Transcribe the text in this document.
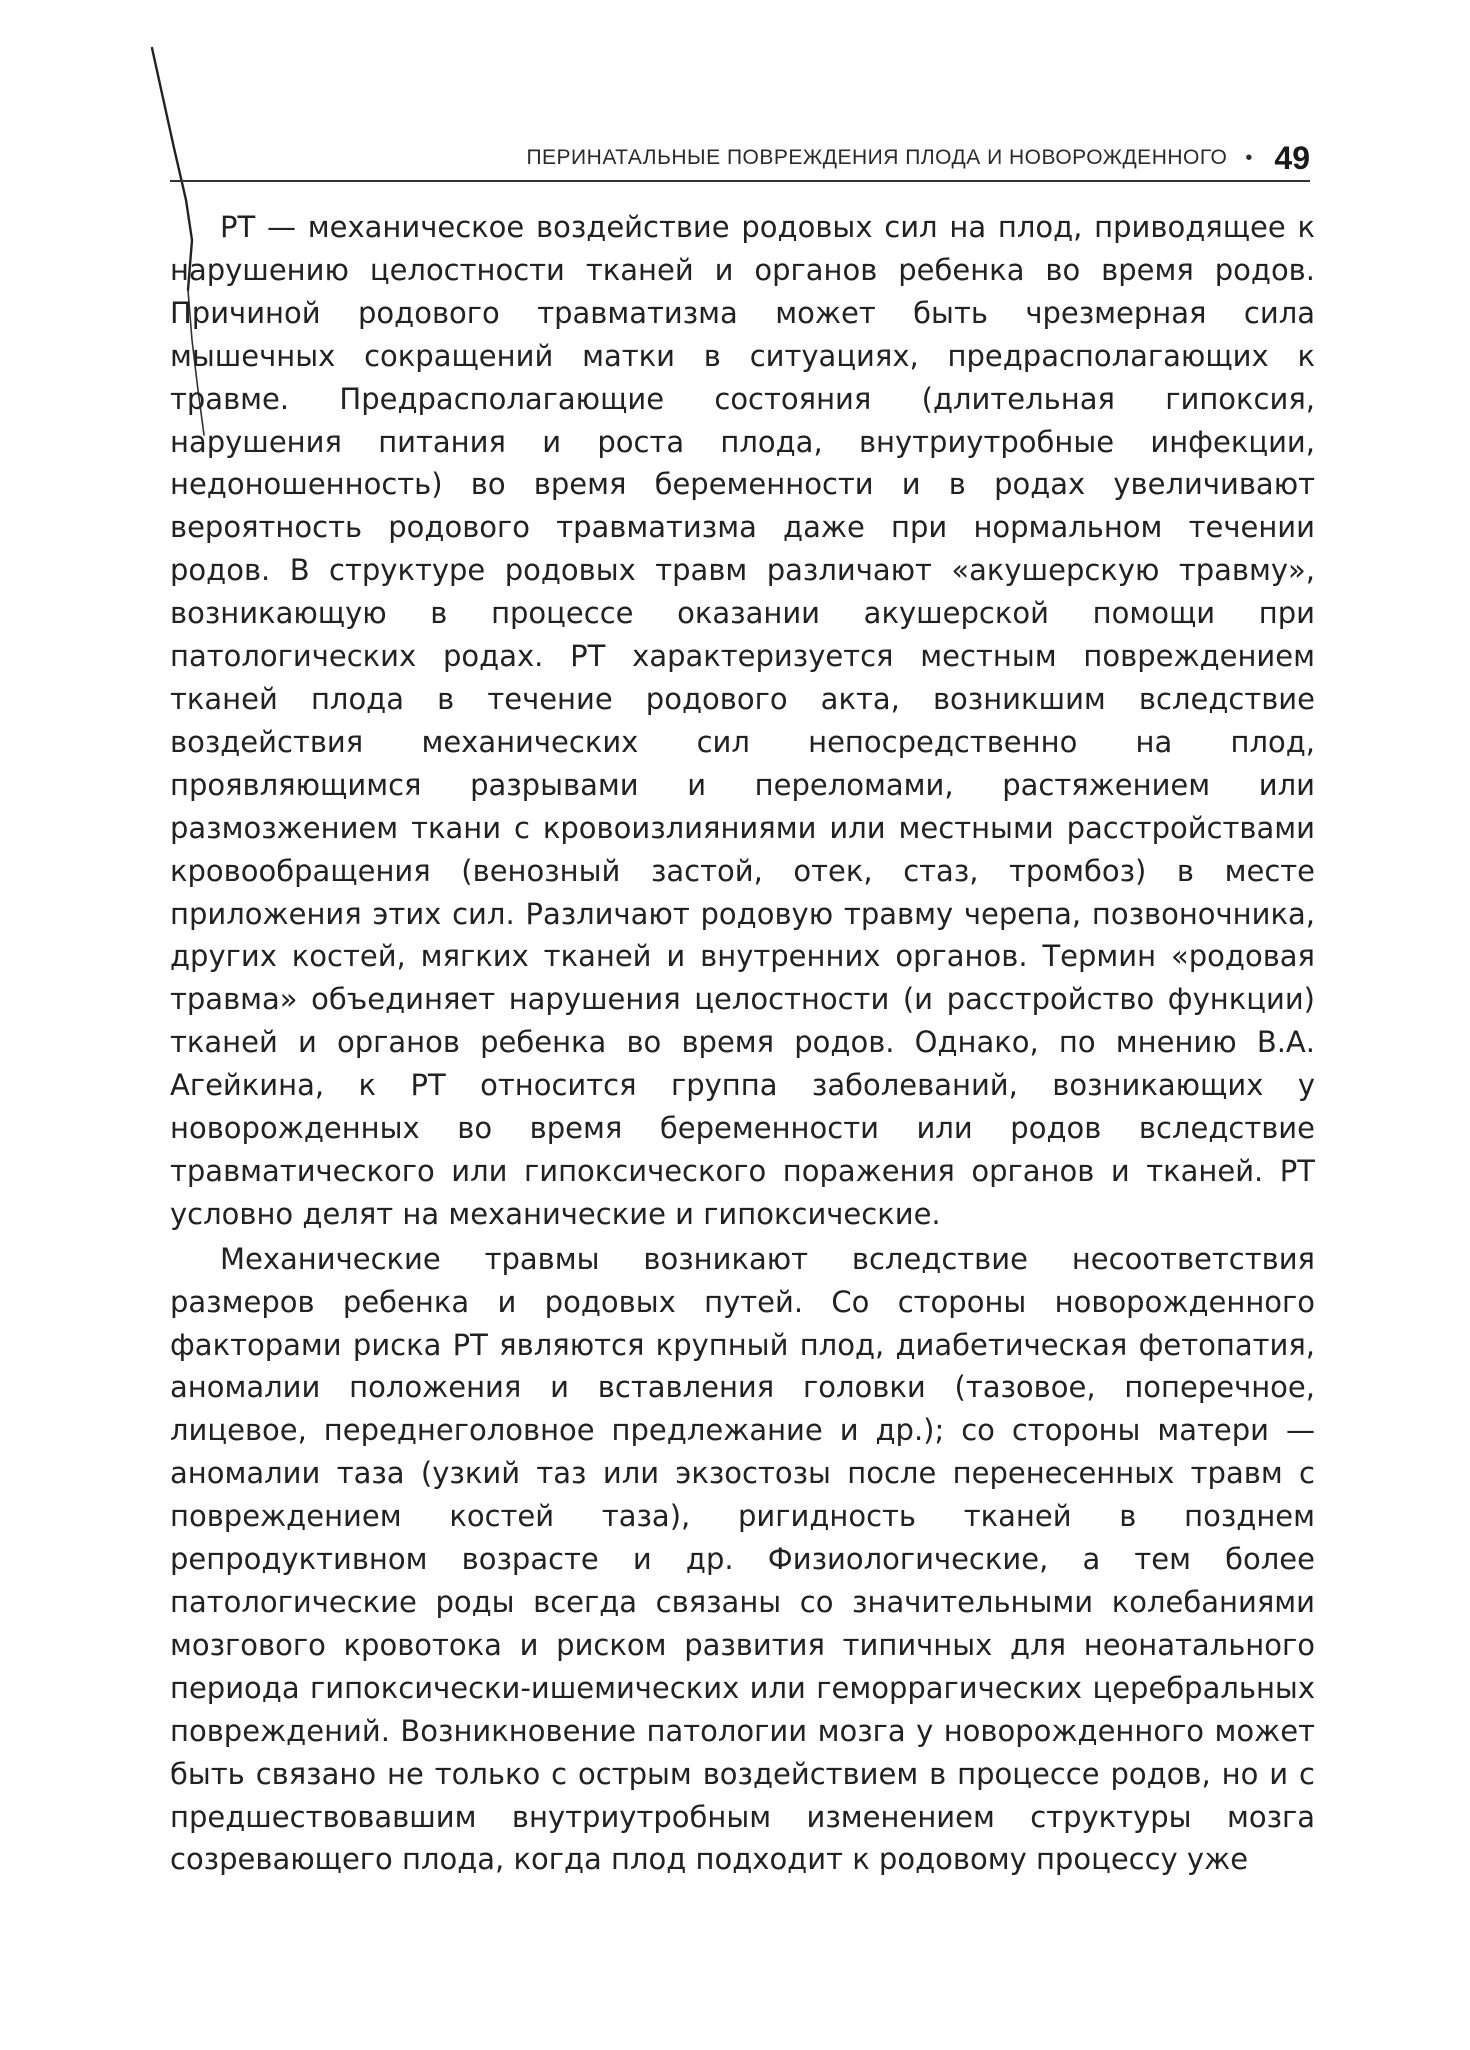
ПЕРИНАТАЛЬНЫЕ ПОВРЕЖДЕНИЯ ПЛОДА И НОВОРОЖДЕННОГО • 49

РТ — механическое воздействие родовых сил на плод, приводящее к нарушению целостности тканей и органов ребенка во время родов. Причиной родового травматизма может быть чрезмерная сила мышечных сокращений матки в ситуациях, предрасполагающих к травме. Предрасполагающие состояния (длительная гипоксия, нарушения питания и роста плода, внутриутробные инфекции, недоношенность) во время беременности и в родах увеличивают вероятность родового травматизма даже при нормальном течении родов. В структуре родовых травм различают «акушерскую травму», возникающую в процессе оказании акушерской помощи при патологических родах. РТ характеризуется местным повреждением тканей плода в течение родового акта, возникшим вследствие воздействия механических сил непосредственно на плод, проявляющимся разрывами и переломами, растяжением или размозжением ткани с кровоизлияниями или местными расстройствами кровообращения (венозный застой, отек, стаз, тромбоз) в месте приложения этих сил. Различают родовую травму черепа, позвоночника, других костей, мягких тканей и внутренних органов. Термин «родовая травма» объединяет нарушения целостности (и расстройство функции) тканей и органов ребенка во время родов. Однако, по мнению В.А. Агейкина, к РТ относится группа заболеваний, возникающих у новорожденных во время беременности или родов вследствие травматического или гипоксического поражения органов и тканей. РТ условно делят на механические и гипоксические.

Механические травмы возникают вследствие несоответствия размеров ребенка и родовых путей. Со стороны новорожденного факторами риска РТ являются крупный плод, диабетическая фетопатия, аномалии положения и вставления головки (тазовое, поперечное, лицевое, переднеголовное предлежание и др.); со стороны матери — аномалии таза (узкий таз или экзостозы после перенесенных травм с повреждением костей таза), ригидность тканей в позднем репродуктивном возрасте и др. Физиологические, а тем более патологические роды всегда связаны со значительными колебаниями мозгового кровотока и риском развития типичных для неонатального периода гипоксически-ишемических или геморрагических церебральных повреждений. Возникновение патологии мозга у новорожденного может быть связано не только с острым воздействием в процессе родов, но и с предшествовавшим внутриутробным изменением структуры мозга созревающего плода, когда плод подходит к родовому процессу уже
